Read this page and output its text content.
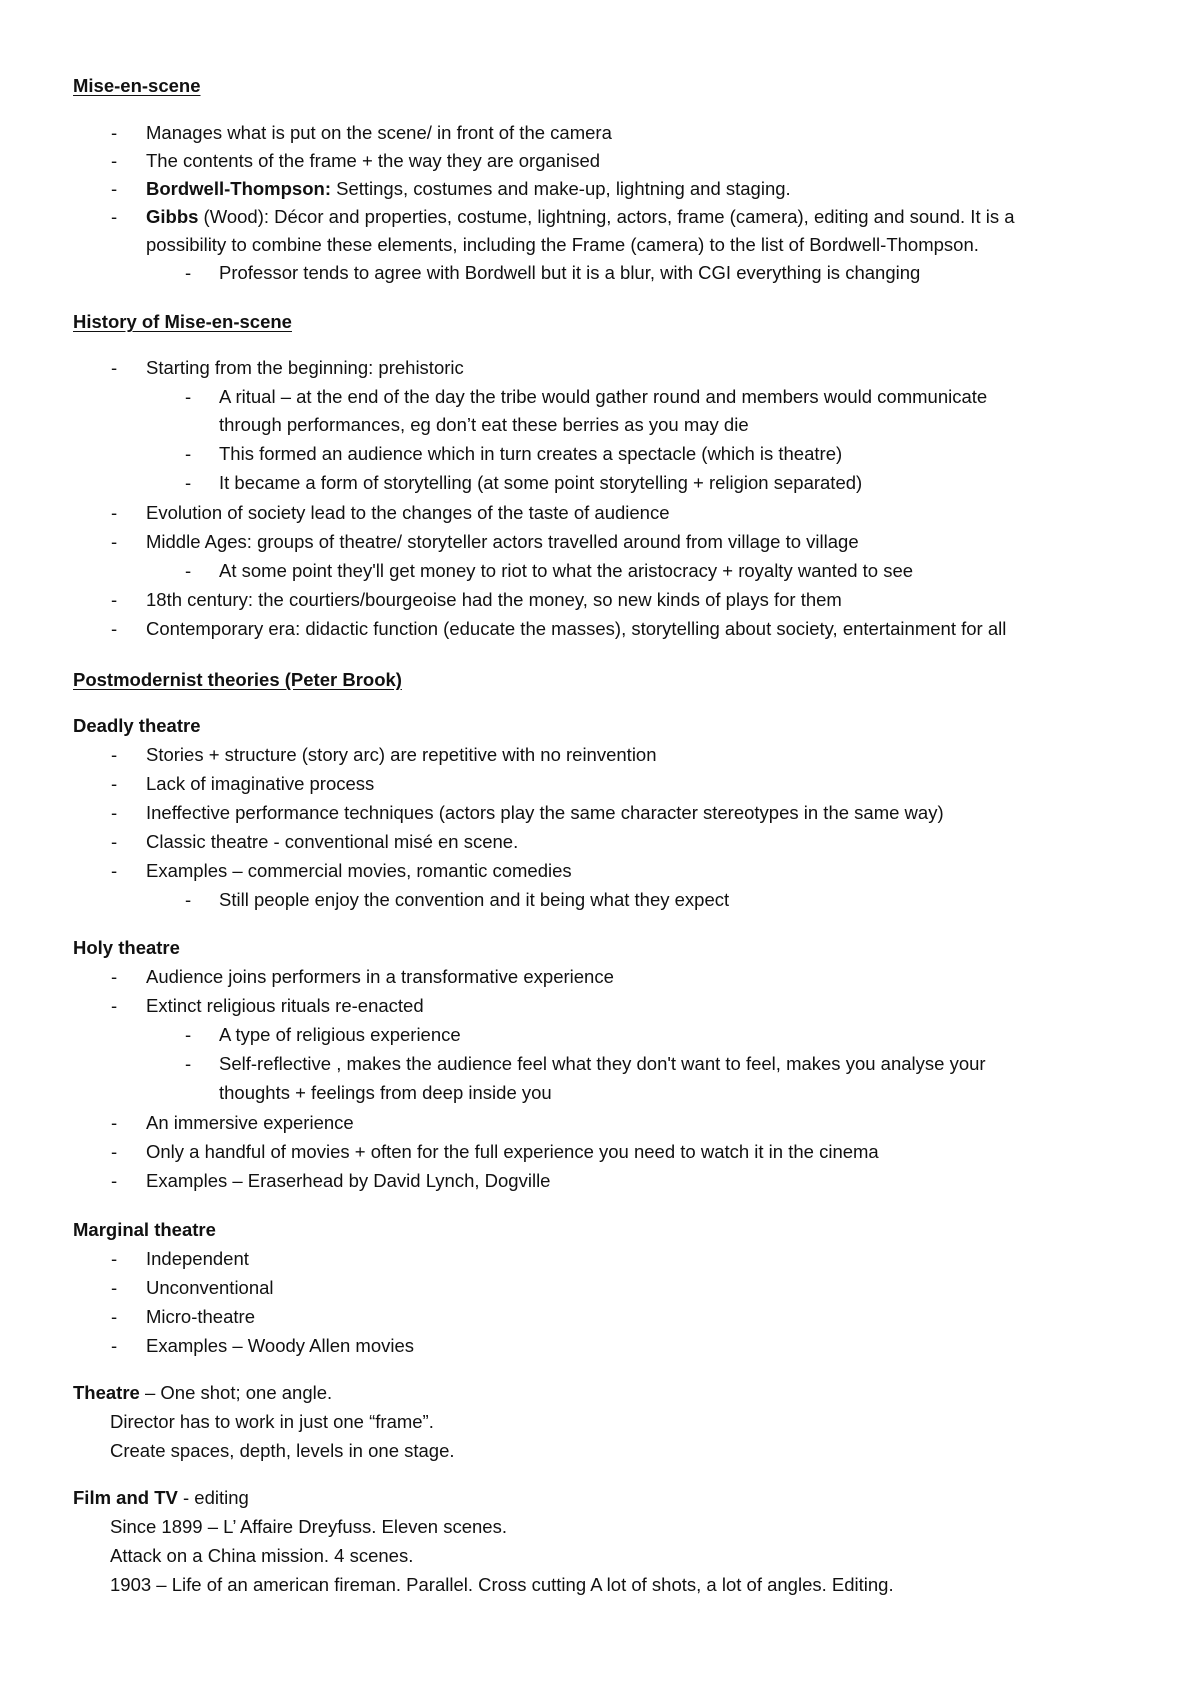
Mise-en-scene
- Manages what is put on the scene/ in front of the camera
- The contents of the frame + the way they are organised
- Bordwell-Thompson: Settings, costumes and make-up, lightning and staging.
- Gibbs (Wood): Décor and properties, costume, lightning, actors, frame (camera), editing and sound. It is a
possibility to combine these elements, including the Frame (camera) to the list of Bordwell-Thompson.
- Professor tends to agree with Bordwell but it is a blur, with CGI everything is changing
History of Mise-en-scene
- Starting from the beginning: prehistoric
- A ritual – at the end of the day the tribe would gather round and members would communicate
through performances, eg don’t eat these berries as you may die
- This formed an audience which in turn creates a spectacle (which is theatre)
- It became a form of storytelling (at some point storytelling + religion separated)
- Evolution of society lead to the changes of the taste of audience
- Middle Ages: groups of theatre/ storyteller actors travelled around from village to village
- At some point they'll get money to riot to what the aristocracy + royalty wanted to see
- 18th century: the courtiers/bourgeoise had the money, so new kinds of plays for them
- Contemporary era: didactic function (educate the masses), storytelling about society, entertainment for all
Postmodernist theories (Peter Brook)
Deadly theatre
- Stories + structure (story arc) are repetitive with no reinvention
- Lack of imaginative process
- Ineffective performance techniques (actors play the same character stereotypes in the same way)
- Classic theatre - conventional misé en scene.
- Examples – commercial movies, romantic comedies
- Still people enjoy the convention and it being what they expect
Holy theatre
- Audience joins performers in a transformative experience
- Extinct religious rituals re-enacted
- A type of religious experience
- Self-reflective , makes the audience feel what they don't want to feel, makes you analyse your
thoughts + feelings from deep inside you
- An immersive experience
- Only a handful of movies + often for the full experience you need to watch it in the cinema
- Examples – Eraserhead by David Lynch, Dogville
Marginal theatre
- Independent
- Unconventional
- Micro-theatre
- Examples – Woody Allen movies
Theatre – One shot; one angle.
Director has to work in just one “frame”.
Create spaces, depth, levels in one stage.
Film and TV - editing
Since 1899 – L’ Affaire Dreyfuss. Eleven scenes.
Attack on a China mission. 4 scenes.
1903 – Life of an american fireman. Parallel. Cross cutting A lot of shots, a lot of angles. Editing.
